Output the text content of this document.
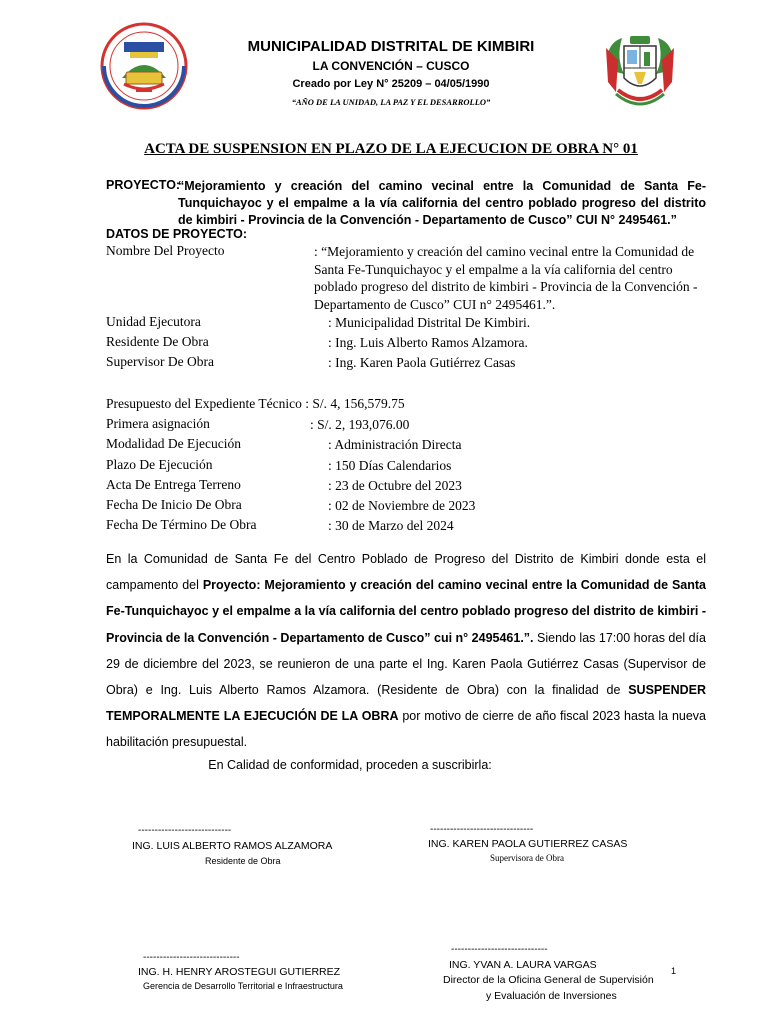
MUNICIPALIDAD DISTRITAL DE KIMBIRI
LA CONVENCIÓN – CUSCO
Creado por Ley N° 25209 – 04/05/1990
“AÑO DE LA UNIDAD, LA PAZ Y EL DESARROLLO”
ACTA DE SUSPENSION EN PLAZO DE LA EJECUCION DE OBRA N° 01
PROYECTO:
“Mejoramiento y creación del camino vecinal entre la Comunidad de Santa Fe-Tunquichayoc y el empalme a la vía california del centro poblado progreso del distrito de kimbiri - Provincia de la Convención - Departamento de Cusco” CUI N° 2495461.”
DATOS DE PROYECTO:
Nombre Del Proyecto	: “Mejoramiento y creación del camino vecinal entre la Comunidad de Santa Fe-Tunquichayoc y el empalme a la vía california del centro poblado progreso del distrito de kimbiri - Provincia de la Convención - Departamento de Cusco” CUI n° 2495461.”.
Unidad Ejecutora	: Municipalidad Distrital De Kimbiri.
Residente De Obra	: Ing. Luis Alberto Ramos Alzamora.
Supervisor De Obra	: Ing. Karen Paola Gutiérrez Casas
Presupuesto del Expediente Técnico : S/. 4, 156,579.75
Primera asignación	: S/. 2, 193,076.00
Modalidad De Ejecución	: Administración Directa
Plazo De Ejecución	: 150 Días Calendarios
Acta De Entrega Terreno	: 23 de Octubre del 2023
Fecha De Inicio De Obra	: 02 de Noviembre de 2023
Fecha De Término De Obra	: 30 de Marzo del 2024
En la Comunidad de Santa Fe del Centro Poblado de Progreso del Distrito de Kimbiri donde esta el campamento del Proyecto: Mejoramiento y creación del camino vecinal entre la Comunidad de Santa Fe-Tunquichayoc y el empalme a la vía california del centro poblado progreso del distrito de kimbiri - Provincia de la Convención - Departamento de Cusco” cui n° 2495461.”. Siendo las 17:00 horas del día 29 de diciembre del 2023, se reunieron de una parte el Ing. Karen Paola Gutiérrez Casas (Supervisor de Obra) e Ing. Luis Alberto Ramos Alzamora. (Residente de Obra) con la finalidad de SUSPENDER TEMPORALMENTE LA EJECUCIÓN DE LA OBRA por motivo de cierre de año fiscal 2023 hasta la nueva habilitación presupuestal.
En Calidad de conformidad, proceden a suscribirla:
----------------------------
ING. LUIS ALBERTO RAMOS ALZAMORA
Residente de Obra
-------------------------------
ING. KAREN PAOLA GUTIERREZ CASAS
Supervisora de Obra
-----------------------------
ING. H. HENRY AROSTEGUI GUTIERREZ
Gerencia de Desarrollo Territorial e Infraestructura
-----------------------------
ING. YVAN A. LAURA VARGAS
Director de la Oficina General de Supervisión
y Evaluación de Inversiones
1
